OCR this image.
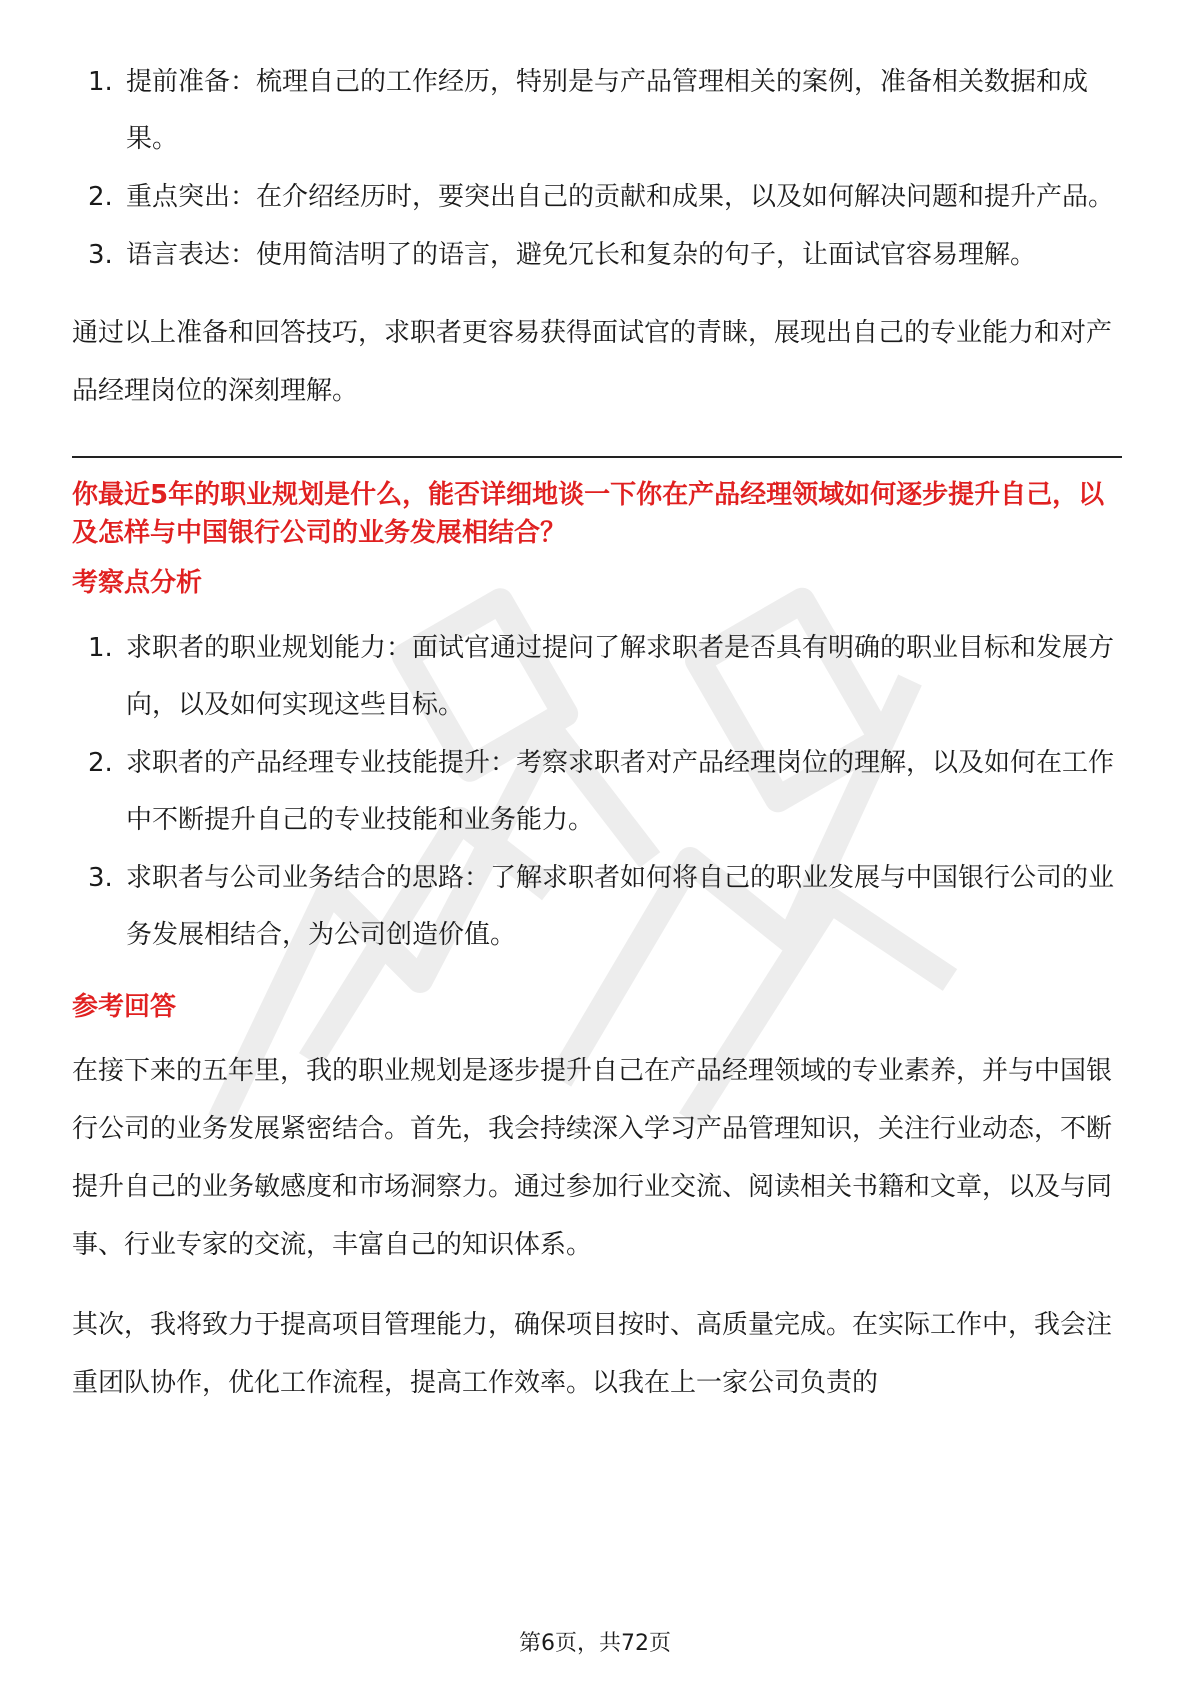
1. 提前准备：梳理自己的工作经历，特别是与产品管理相关的案例，准备相关数据和成果。
2. 重点突出：在介绍经历时，要突出自己的贡献和成果，以及如何解决问题和提升产品。
3. 语言表达：使用简洁明了的语言，避免冗长和复杂的句子，让面试官容易理解。

通过以上准备和回答技巧，求职者更容易获得面试官的青睐，展现出自己的专业能力和对产品经理岗位的深刻理解。

你最近5年的职业规划是什么，能否详细地谈一下你在产品经理领域如何逐步提升自己，以及怎样与中国银行公司的业务发展相结合？

考察点分析

1. 求职者的职业规划能力：面试官通过提问了解求职者是否具有明确的职业目标和发展方向，以及如何实现这些目标。
2. 求职者的产品经理专业技能提升：考察求职者对产品经理岗位的理解，以及如何在工作中不断提升自己的专业技能和业务能力。
3. 求职者与公司业务结合的思路：了解求职者如何将自己的职业发展与中国银行公司的业务发展相结合，为公司创造价值。

参考回答

在接下来的五年里，我的职业规划是逐步提升自己在产品经理领域的专业素养，并与中国银行公司的业务发展紧密结合。首先，我会持续深入学习产品管理知识，关注行业动态，不断提升自己的业务敏感度和市场洞察力。通过参加行业交流、阅读相关书籍和文章，以及与同事、行业专家的交流，丰富自己的知识体系。

其次，我将致力于提高项目管理能力，确保项目按时、高质量完成。在实际工作中，我会注重团队协作，优化工作流程，提高工作效率。以我在上一家公司负责的

第6页，共72页
